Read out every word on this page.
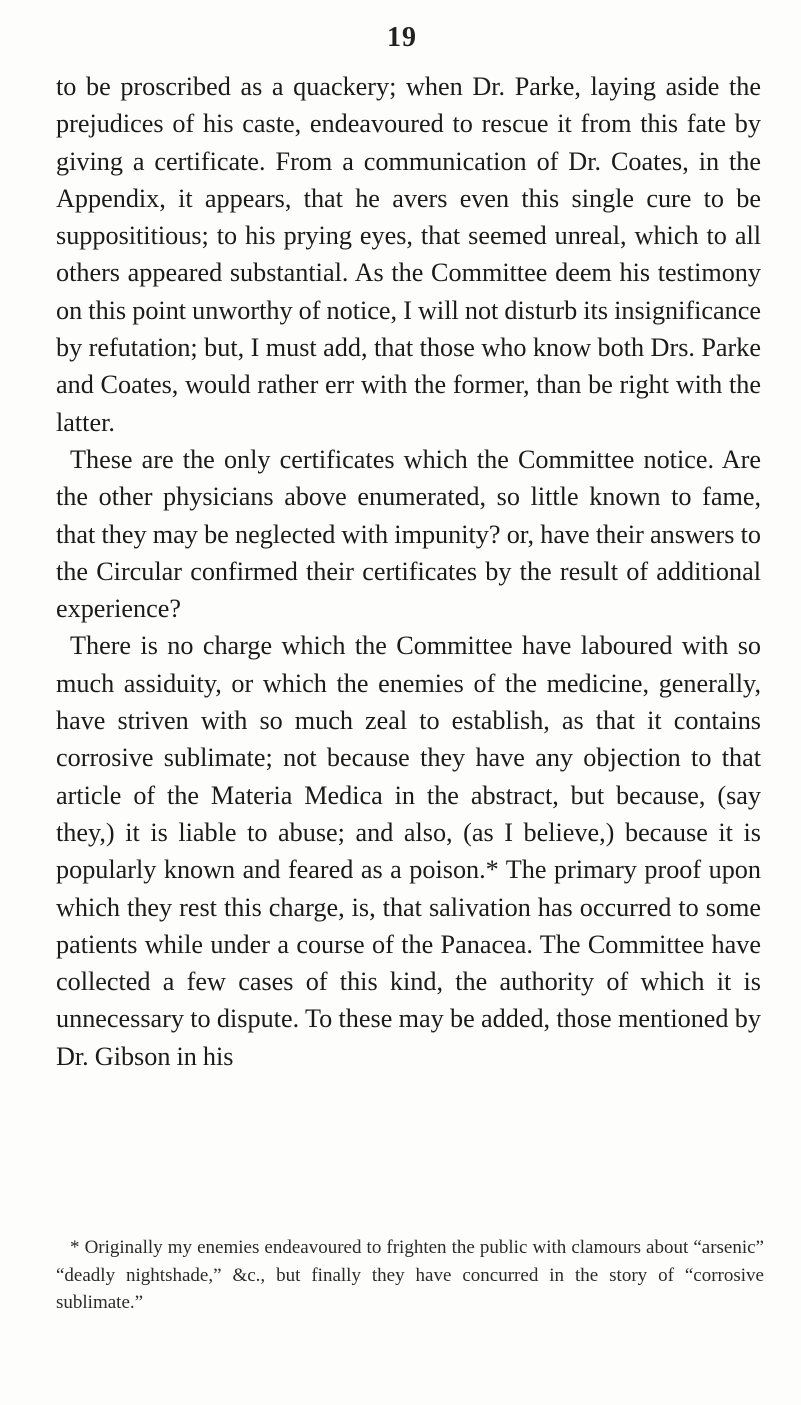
19

to be proscribed as a quackery; when Dr. Parke, laying aside the prejudices of his caste, endeavoured to rescue it from this fate by giving a certificate. From a communication of Dr. Coates, in the Appendix, it appears, that he avers even this single cure to be supposititious; to his prying eyes, that seemed unreal, which to all others appeared substantial. As the Committee deem his testimony on this point unworthy of notice, I will not disturb its insignificance by refutation; but, I must add, that those who know both Drs. Parke and Coates, would rather err with the former, than be right with the latter.

These are the only certificates which the Committee notice. Are the other physicians above enumerated, so little known to fame, that they may be neglected with impunity? or, have their answers to the Circular confirmed their certificates by the result of additional experience?

There is no charge which the Committee have laboured with so much assiduity, or which the enemies of the medicine, generally, have striven with so much zeal to establish, as that it contains corrosive sublimate; not because they have any objection to that article of the Materia Medica in the abstract, but because, (say they,) it is liable to abuse; and also, (as I believe,) because it is popularly known and feared as a poison.* The primary proof upon which they rest this charge, is, that salivation has occurred to some patients while under a course of the Panacea. The Committee have collected a few cases of this kind, the authority of which it is unnecessary to dispute. To these may be added, those mentioned by Dr. Gibson in his

* Originally my enemies endeavoured to frighten the public with clamours about “arsenic” “deadly nightshade,” &c., but finally they have concurred in the story of “corrosive sublimate.”
